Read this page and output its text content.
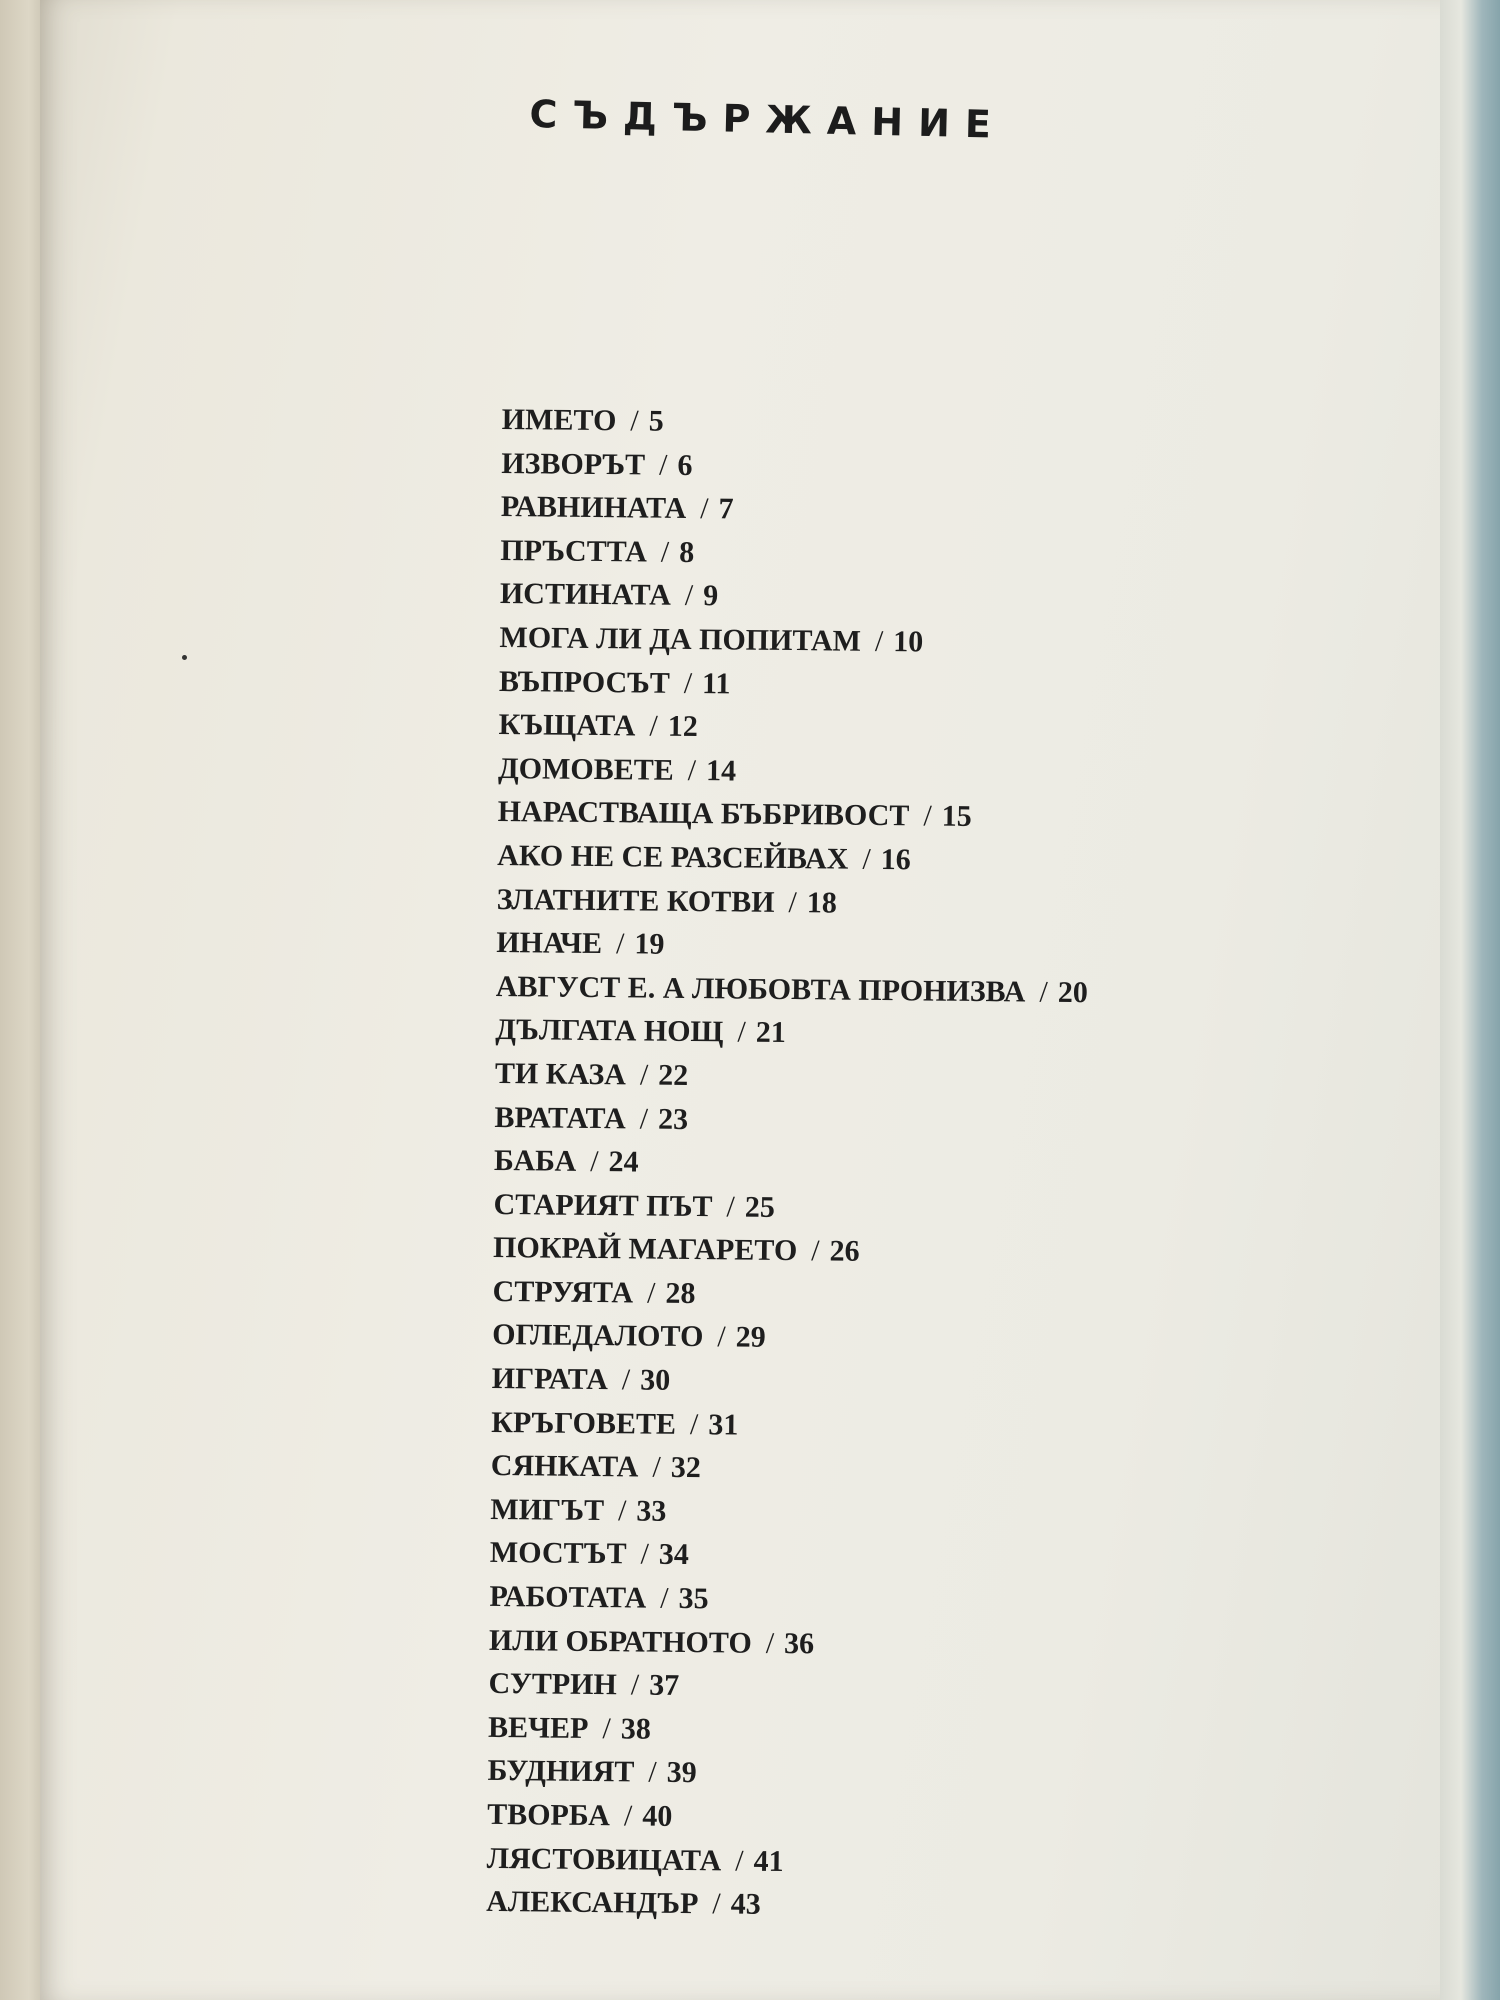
СЪДЪРЖАНИЕ
ИМЕТО / 5
ИЗВОРЪТ / 6
РАВНИНАТА / 7
ПРЪСТТА / 8
ИСТИНАТА / 9
МОГА ЛИ ДА ПОПИТАМ / 10
ВЪПРОСЪТ / 11
КЪЩАТА / 12
ДОМОВЕТЕ / 14
НАРАСТВАЩА БЪБРИВОСТ / 15
АКО НЕ СЕ РАЗСЕЙВАХ / 16
ЗЛАТНИТЕ КОТВИ / 18
ИНАЧЕ / 19
АВГУСТ Е. А ЛЮБОВТА ПРОНИЗВА / 20
ДЪЛГАТА НОЩ / 21
ТИ КАЗА / 22
ВРАТАТА / 23
БАБА / 24
СТАРИЯТ ПЪТ / 25
ПОКРАЙ МАГАРЕТО / 26
СТРУЯТА / 28
ОГЛЕДАЛОТО / 29
ИГРАТА / 30
КРЪГОВЕТЕ / 31
СЯНКАТА / 32
МИГЪТ / 33
МОСТЪТ / 34
РАБОТАТА / 35
ИЛИ ОБРАТНОТО / 36
СУТРИН / 37
ВЕЧЕР / 38
БУДНИЯТ / 39
ТВОРБА / 40
ЛЯСТОВИЦАТА / 41
АЛЕКСАНДЪР / 43
